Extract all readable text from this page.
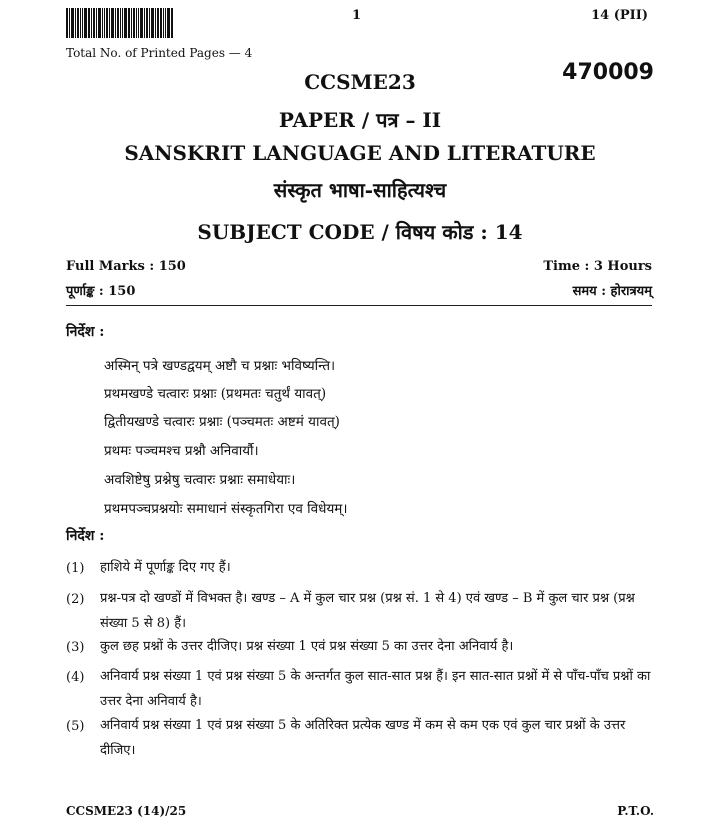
1	14 (PII)
Total No. of Printed Pages — 4
470009
CCSME23
PAPER / पत्र – II
SANSKRIT LANGUAGE AND LITERATURE
संस्कृत भाषा-साहित्यश्च
SUBJECT CODE / विषय कोड : 14
Full Marks : 150
पूर्णाङ्क : 150
Time : 3 Hours
समय : होरात्रयम्
निर्देश :
अस्मिन् पत्रे खण्डद्वयम् अष्टौ च प्रश्नाः भविष्यन्ति।
प्रथमखण्डे चत्वारः प्रश्नाः (प्रथमतः चतुर्थं यावत्)
द्वितीयखण्डे चत्वारः प्रश्नाः (पञ्चमतः अष्टमं यावत्)
प्रथमः पञ्चमश्च प्रश्नौ अनिवार्यौ।
अवशिष्टेषु प्रश्नेषु चत्वारः प्रश्नाः समाधेयाः।
प्रथमपञ्चप्रश्नयोः समाधानं संस्कृतगिरा एव विधेयम्।
निर्देश :
(1) हाशिये में पूर्णाङ्क दिए गए हैं।
(2) प्रश्न-पत्र दो खण्डों में विभक्त है। खण्ड – A में कुल चार प्रश्न (प्रश्न सं. 1 से 4) एवं खण्ड – B में कुल चार प्रश्न (प्रश्न संख्या 5 से 8) हैं।
(3) कुल छह प्रश्नों के उत्तर दीजिए। प्रश्न संख्या 1 एवं प्रश्न संख्या 5 का उत्तर देना अनिवार्य है।
(4) अनिवार्य प्रश्न संख्या 1 एवं प्रश्न संख्या 5 के अन्तर्गत कुल सात-सात प्रश्न हैं। इन सात-सात प्रश्नों में से पाँच-पाँच प्रश्नों का उत्तर देना अनिवार्य है।
(5) अनिवार्य प्रश्न संख्या 1 एवं प्रश्न संख्या 5 के अतिरिक्त प्रत्येक खण्ड में कम से कम एक एवं कुल चार प्रश्नों के उत्तर दीजिए।
CCSME23 (14)/25	P.T.O.
